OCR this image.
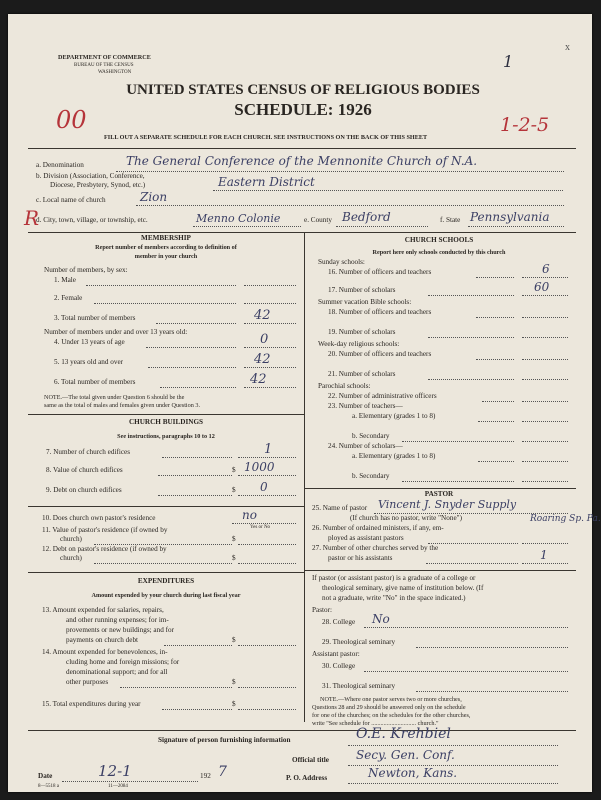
DEPARTMENT OF COMMERCE
BUREAU OF THE CENSUS
WASHINGTON
1
x
UNITED STATES CENSUS OF RELIGIOUS BODIES
SCHEDULE: 1926
00	1-2-5
FILL OUT A SEPARATE SCHEDULE FOR EACH CHURCH. SEE INSTRUCTIONS ON THE BACK OF THIS SHEET
a. Denomination	The General Conference of the Mennonite Church of N.A.
b. Division (Association, Conference,
Diocese, Presbytery, Synod, etc.)	Eastern District
c. Local name of church	Zion
R
d. City, town, village, or township, etc.	Menno Colonie	e. County Bedford	f. State Pennsylvania
MEMBERSHIP
Report number of members according to definition of
member in your church
Number of members, by sex:
1. Male
2. Female
3. Total number of members	42
Number of members under and over 13 years old:
4. Under 13 years of age	0
5. 13 years old and over	42
6. Total number of members	42
NOTE.—The total given under Question 6 should be the
same as the total of males and females given under Question 3.
CHURCH BUILDINGS
See instructions, paragraphs 10 to 12
7. Number of church edifices	1
8. Value of church edifices	$ 1000
9. Debt on church edifices	$ 0
10. Does church own pastor's residence	no
Yes or No
11. Value of pastor's residence (if owned by
church)	$
12. Debt on pastor's residence (if owned by
church)	$
EXPENDITURES
Amount expended by your church during last fiscal year
13. Amount expended for salaries, repairs,
and other running expenses; for im-
provements or new buildings; and for
payments on church debt	$
14. Amount expended for benevolences, in-
cluding home and foreign missions; for
denominational support; and for all
other purposes	$
15. Total expenditures during year	$
CHURCH SCHOOLS
Report here only schools conducted by this church
Sunday schools:
16. Number of officers and teachers	6
17. Number of scholars	60
Summer vacation Bible schools:
18. Number of officers and teachers
19. Number of scholars
Week-day religious schools:
20. Number of officers and teachers
21. Number of scholars
Parochial schools:
22. Number of administrative officers
23. Number of teachers—
a. Elementary (grades 1 to 8)
b. Secondary
24. Number of scholars—
a. Elementary (grades 1 to 8)
b. Secondary
PASTOR
25. Name of pastor Vincent J. Snyder Supply
(If church has no pastor, write "None")	Roaring Sp. Pa.
26. Number of ordained ministers, if any, em-
ployed as assistant pastors
27. Number of other churches served by the
pastor or his assistants	1
If pastor (or assistant pastor) is a graduate of a college or
theological seminary, give name of institution below. (If
not a graduate, write "No" in the space indicated.)
Pastor:
28. College No
29. Theological seminary
Assistant pastor:
30. College
31. Theological seminary
NOTE.—Where one pastor serves two or more churches,
Questions 28 and 29 should be answered only on the schedule
for one of the churches; on the schedules for the other churches,
write "See schedule for ............................. church."
Signature of person furnishing information	O.E. Krehbiel
Official title Secy. Gen. Conf.
Date	12-1	192 7	P. O. Address	Newton, Kans.
8—5518 a	11—2084
